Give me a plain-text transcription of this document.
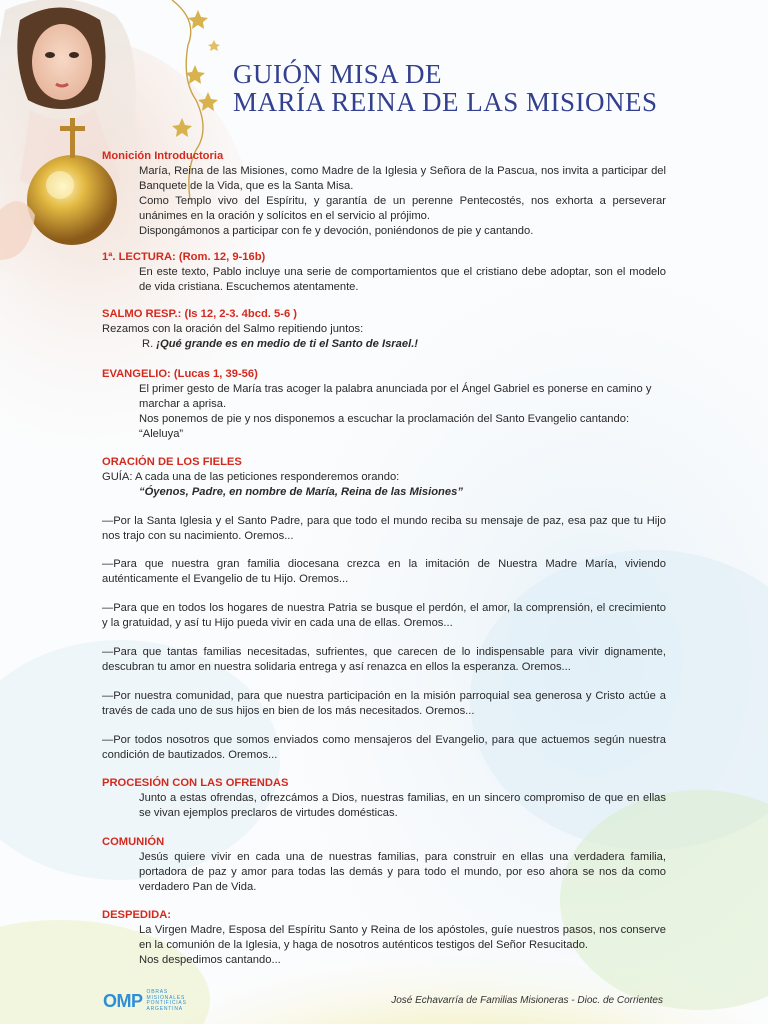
GUIÓN MISA DE
MARÍA REINA DE LAS MISIONES
Monición Introductoria

María, Reina de las Misiones, como Madre de la Iglesia y Señora de la Pascua, nos invita a participar del Banquete de la Vida, que es la Santa Misa.

Como Templo vivo del Espíritu, y garantía de un perenne Pentecostés, nos exhorta a perseverar unánimes en la oración y solícitos en el servicio al prójimo.

Dispongámonos a participar con fe y devoción, poniéndonos de pie y cantando.

1ª. LECTURA: (Rom. 12, 9-16b)

En este texto, Pablo incluye una serie de comportamientos que el cristiano debe adoptar, son el modelo de vida cristiana. Escuchemos atentamente.

SALMO RESP.: (Is 12, 2-3. 4bcd. 5-6 )

Rezamos con la oración del Salmo repitiendo juntos:

R. ¡Qué grande es en medio de ti el Santo de Israel.!

EVANGELIO: (Lucas 1, 39-56)

El primer gesto de María tras acoger la palabra anunciada por el Ángel Gabriel es ponerse en camino y marchar a aprisa.

Nos ponemos de pie y nos disponemos a escuchar la proclamación del Santo Evangelio cantando: “Aleluya”

ORACIÓN DE LOS FIELES

GUÍA: A cada una de las peticiones responderemos orando:

“Óyenos, Padre, en nombre de María, Reina de las Misiones”

—Por la Santa Iglesia y el Santo Padre, para que todo el mundo reciba su mensaje de paz, esa paz que tu Hijo nos trajo con su nacimiento. Oremos...

—Para que nuestra gran familia diocesana crezca en la imitación de Nuestra Madre María, viviendo auténticamente el Evangelio de tu Hijo. Oremos...

—Para que en todos los hogares de nuestra Patria se busque el perdón, el amor, la comprensión, el crecimiento y la gratuidad, y así tu Hijo pueda vivir en cada una de ellas. Oremos...

—Para que tantas familias necesitadas, sufrientes, que carecen de lo indispensable para vivir dignamente, descubran tu amor en nuestra solidaria entrega y así renazca en ellos la esperanza. Oremos...

—Por nuestra comunidad, para que nuestra participación en la misión parroquial sea generosa y Cristo actúe a través de cada uno de sus hijos en bien de los más necesitados. Oremos...

—Por todos nosotros que somos enviados como mensajeros del Evangelio, para que actuemos según nuestra condición de bautizados. Oremos...

PROCESIÓN CON LAS OFRENDAS

Junto a estas ofrendas, ofrezcámos a Dios, nuestras familias, en un sincero compromiso de que en ellas se vivan ejemplos preclaros de virtudes domésticas.

COMUNIÓN

Jesús quiere vivir en cada una de nuestras familias, para construir en ellas una verdadera familia, portadora de paz y amor para todas las demás y para todo el mundo, por eso ahora se nos da como verdadero Pan de Vida.

DESPEDIDA:

La Virgen Madre, Esposa del Espíritu Santo y Reina de los apóstoles, guíe nuestros pasos, nos conserve en la comunión de la Iglesia, y haga de nosotros auténticos testigos del Señor Resucitado.

Nos despedimos cantando...

OMP OBRAS
MISIONALES
PONTIFICIAS
ARGENTINA
José Echavarría de Familias Misioneras - Dioc. de Corrientes
